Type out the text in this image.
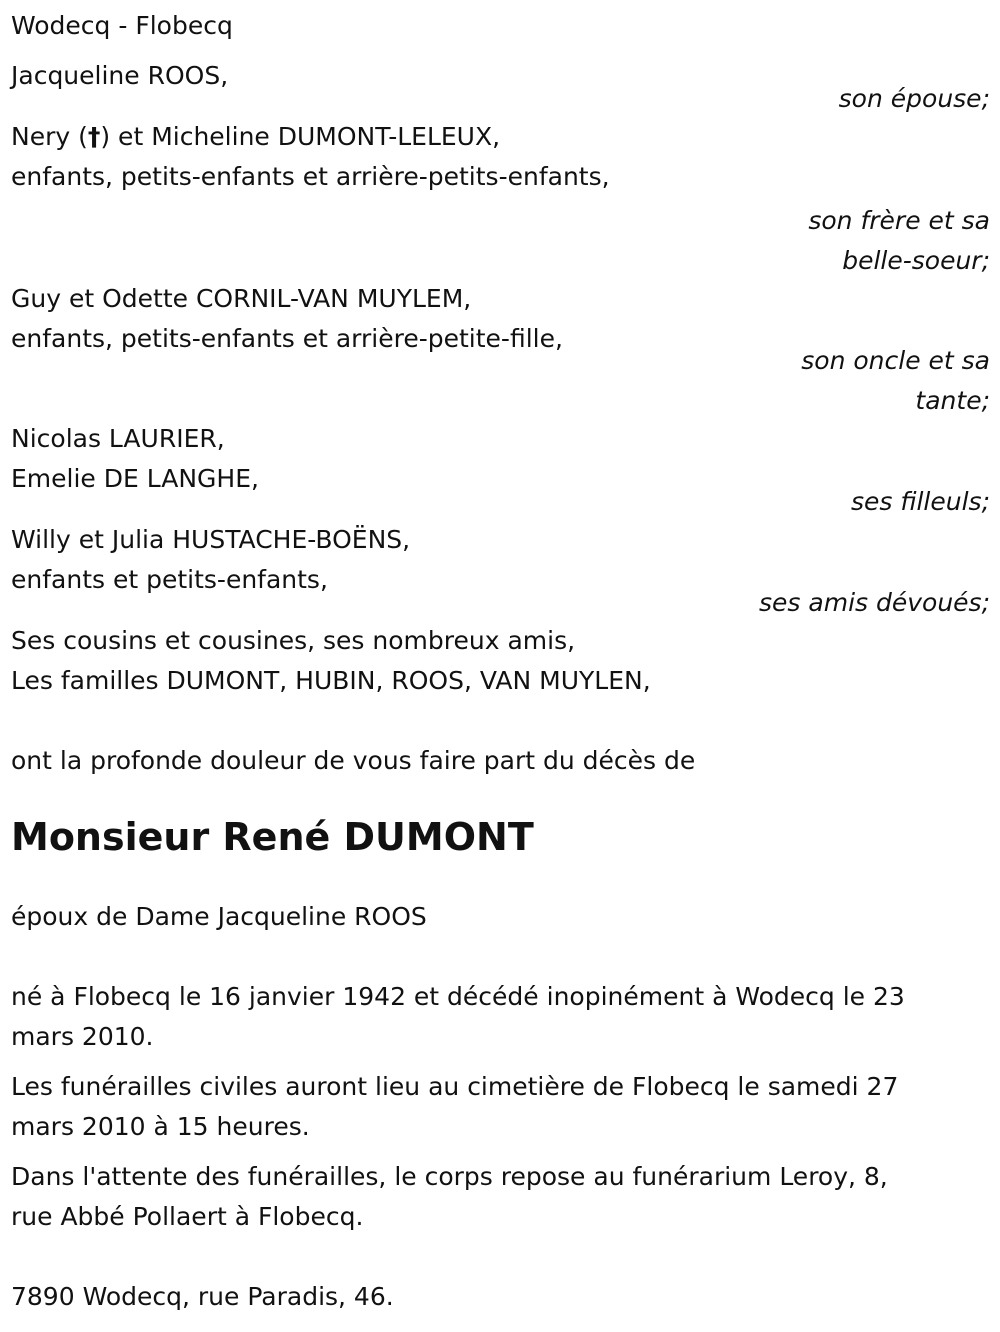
Wodecq - Flobecq
Jacqueline ROOS,
son épouse;
Nery (†) et Micheline DUMONT-LELEUX,
enfants, petits-enfants et arrière-petits-enfants,
son frère et sa
belle-soeur;
Guy et Odette CORNIL-VAN MUYLEM,
enfants, petits-enfants et arrière-petite-fille,
son oncle et sa
tante;
Nicolas LAURIER,
Emelie DE LANGHE,
ses filleuls;
Willy et Julia HUSTACHE-BOËNS,
enfants et petits-enfants,
ses amis dévoués;
Ses cousins et cousines, ses nombreux amis,
Les familles DUMONT, HUBIN, ROOS, VAN MUYLEN,
ont la profonde douleur de vous faire part du décès de
Monsieur René DUMONT
époux de Dame Jacqueline ROOS
né à Flobecq le 16 janvier 1942 et décédé inopinément à Wodecq le 23
mars 2010.
Les funérailles civiles auront lieu au cimetière de Flobecq le samedi 27
mars 2010 à 15 heures.
Dans l'attente des funérailles, le corps repose au funérarium Leroy, 8,
rue Abbé Pollaert à Flobecq.
7890 Wodecq, rue Paradis, 46.
